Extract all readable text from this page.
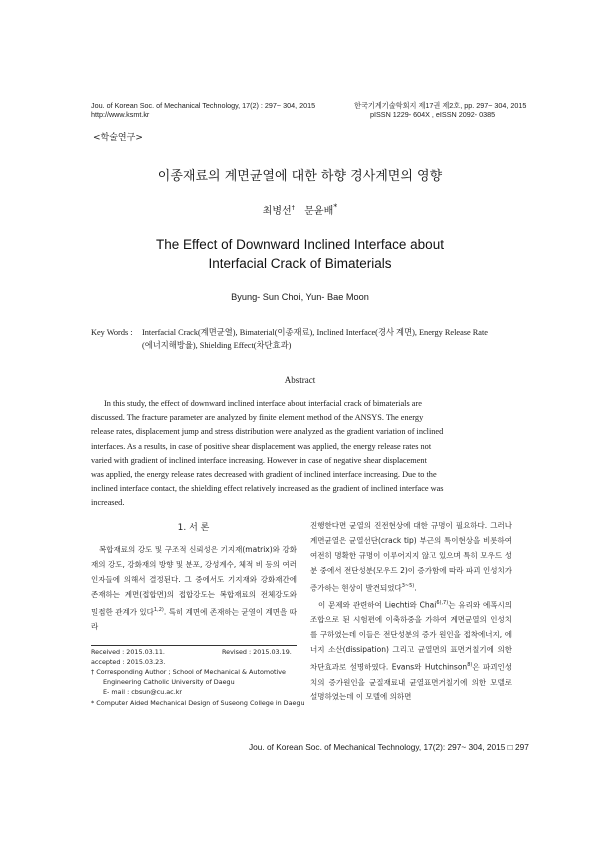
Jou. of Korean Soc. of Mechanical Technology, 17(2) : 297~ 304, 2015
http://www.ksmt.kr
한국기계기술학회지 제17권 제2호, pp. 297~ 304, 2015
pISSN 1229- 604X , eISSN 2092- 0385
<학술연구>
이종재료의 계면균열에 대한 하향 경사계면의 영향
최병선† 문윤배*
The Effect of Downward Inclined Interface about
Interfacial Crack of Bimaterials
Byung- Sun Choi, Yun- Bae Moon
Key Words : Interfacial Crack(계면균열), Bimaterial(이종재료), Inclined Interface(경사 계면), Energy Release Rate
(에너지해방율), Shielding Effect(차단효과)
Abstract
In this study, the effect of downward inclined interface about interfacial crack of bimaterials are
discussed. The fracture parameter are analyzed by finite element method of the ANSYS. The energy
release rates, displacement jump and stress distribution were analyzed as the gradient variation of inclined
interfaces. As a results, in case of positive shear displacement was applied, the energy release rates not
varied with gradient of inclined interface increasing. However in case of negative shear displacement
was applied, the energy release rates decreased with gradient of inclined interface increasing. Due to the
inclined interface contact, the shielding effect relatively increased as the gradient of inclined interface was
increased.
1. 서 론

복합재료의 강도 및 구조적 신뢰성은 기지재(matrix)와 강화재의 강도, 강화재의 방향 및 분포, 강성계수, 체적 비 등의 여러 인자들에 의해서 결정된다. 그 중에서도 기지재와 강화재간에 존재하는 계면(접합면)의 접합강도는 복합재료의 전체강도와 밀접한 관계가 있다$^{1,2)}$. 특히 계면에 존재하는 균열이 계면을 따라

진행한다면 균열의 진전현상에 대한 규명이 필요하다. 그러나 계면균열은 균열선단(crack tip) 부근의 특이현상을 비롯하여 여전히 명확한 규명이 이루어지지 않고 있으며 특히 모우드 성분 중에서 전단성분(모우드 2)이 증가함에 따라 파괴 인성치가 증가하는 현상이 발견되었다$^{3\sim 5)}$.

이 문제와 관련하여 Liechti와 Chai$^{6),7)}$는 유리와 에폭시의 조합으로 된 시험편에 이축하중을 가하여 계면균열의 인성치를 구하였는데 이들은 전단성분의 증가 원인을 접착에너지, 에너지 소산(dissipation) 그리고 균열면의 표면거칠기에 의한 차단효과로 설명하였다. Evans와 Hutchinson$^{8)}$은 파괴인성치의 증가원인을 균질재료내 균열표면거칠기에 의한 모델로 설명하였는데 이 모델에 의하면

Received : 2015.03.11.	Revised : 2015.03.19.
accepted : 2015.03.23.
† Corresponding Author ; School of Mechanical & Automotive
Engineering Catholic University of Daegu
E- mail : cbsun@cu.ac.kr
* Computer Aided Mechanical Design of Suseong College in Daegu
Jou. of Korean Soc. of Mechanical Technology, 17(2): 297~ 304, 2015 □ 297
